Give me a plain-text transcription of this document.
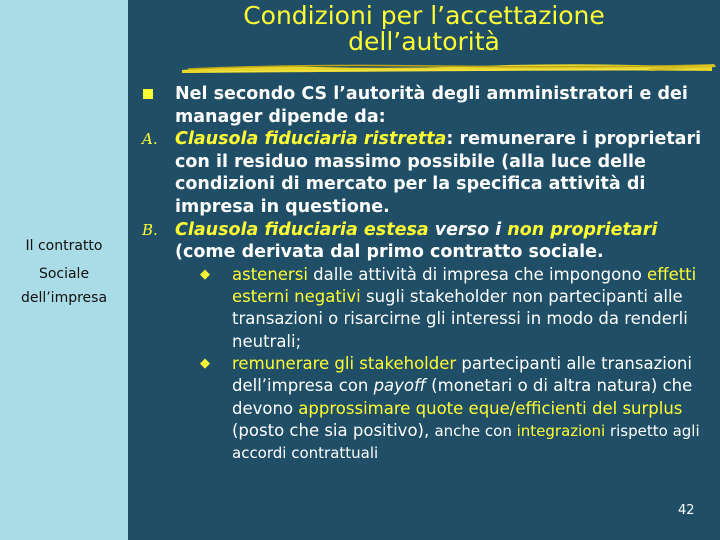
Il contratto
Sociale
dell’impresa
Condizioni per l’accettazione
dell’autorità
Nel secondo CS l’autorità degli amministratori e dei manager dipende da:
A. Clausola fiduciaria ristretta: remunerare i proprietari con il residuo massimo possibile (alla luce delle condizioni di mercato per la specifica attività di impresa in questione.
B. Clausola fiduciaria estesa verso i non proprietari (come derivata dal primo contratto sociale.
◆ astenersi dalle attività di impresa che impongono effetti esterni negativi sugli stakeholder non partecipanti alle transazioni o risarcirne gli interessi in modo da renderli neutrali;
◆ remunerare gli stakeholder partecipanti alle transazioni dell’impresa con payoff (monetari o di altra natura) che devono approssimare quote eque/efficienti del surplus (posto che sia positivo), anche con integrazioni rispetto agli accordi contrattuali
42
